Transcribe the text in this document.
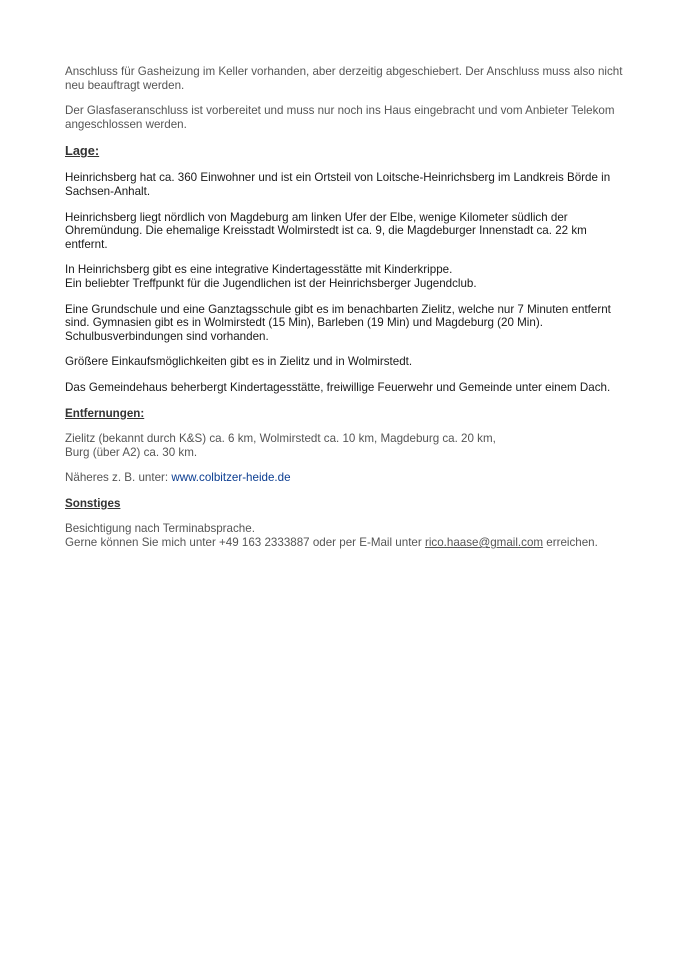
Anschluss für Gasheizung im Keller vorhanden, aber derzeitig abgeschiebert. Der Anschluss muss also nicht
neu beauftragt werden.

Der Glasfaseranschluss ist vorbereitet und muss nur noch ins Haus eingebracht und vom Anbieter Telekom
angeschlossen werden.

Lage:

Heinrichsberg hat ca. 360 Einwohner und ist ein Ortsteil von Loitsche-Heinrichsberg im Landkreis Börde in
Sachsen-Anhalt.

Heinrichsberg liegt nördlich von Magdeburg am linken Ufer der Elbe, wenige Kilometer südlich der
Ohremündung. Die ehemalige Kreisstadt Wolmirstedt ist ca. 9, die Magdeburger Innenstadt ca. 22 km
entfernt.

In Heinrichsberg gibt es eine integrative Kindertagesstätte mit Kinderkrippe.
Ein beliebter Treffpunkt für die Jugendlichen ist der Heinrichsberger Jugendclub.

Eine Grundschule und eine Ganztagsschule gibt es im benachbarten Zielitz, welche nur 7 Minuten entfernt
sind. Gymnasien gibt es in Wolmirstedt (15 Min), Barleben (19 Min) und Magdeburg (20 Min).
Schulbusverbindungen sind vorhanden.

Größere Einkaufsmöglichkeiten gibt es in Zielitz und in Wolmirstedt.

Das Gemeindehaus beherbergt Kindertagesstätte, freiwillige Feuerwehr und Gemeinde unter einem Dach.

Entfernungen:

Zielitz (bekannt durch K&S) ca. 6 km, Wolmirstedt ca. 10 km, Magdeburg ca. 20 km,
Burg (über A2) ca. 30 km.

Näheres z. B. unter: www.colbitzer-heide.de

Sonstiges

Besichtigung nach Terminabsprache.
Gerne können Sie mich unter +49 163 2333887 oder per E-Mail unter rico.haase@gmail.com erreichen.
